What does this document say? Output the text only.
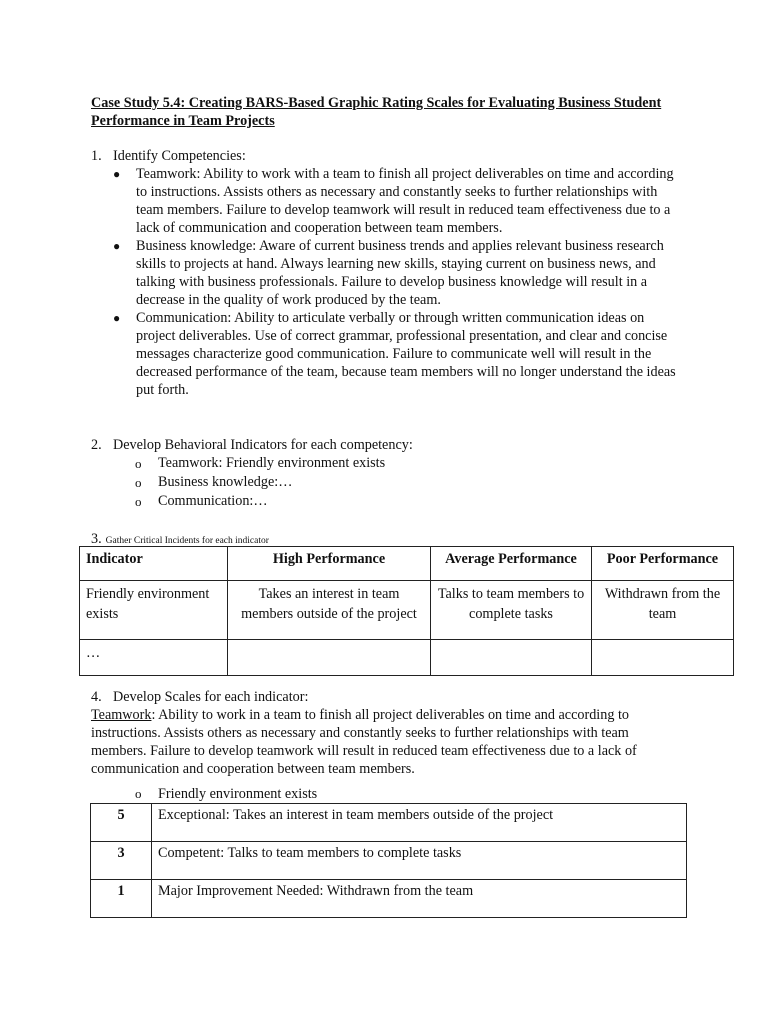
Case Study 5.4: Creating BARS-Based Graphic Rating Scales for Evaluating Business Student Performance in Team Projects
1. Identify Competencies:
● Teamwork: Ability to work with a team to finish all project deliverables on time and according to instructions. Assists others as necessary and constantly seeks to further relationships with team members. Failure to develop teamwork will result in reduced team effectiveness due to a lack of communication and cooperation between team members.
● Business knowledge: Aware of current business trends and applies relevant business research skills to projects at hand. Always learning new skills, staying current on business news, and talking with business professionals. Failure to develop business knowledge will result in a decrease in the quality of work produced by the team.
● Communication: Ability to articulate verbally or through written communication ideas on project deliverables. Use of correct grammar, professional presentation, and clear and concise messages characterize good communication. Failure to communicate well will result in the decreased performance of the team, because team members will no longer understand the ideas put forth.
2. Develop Behavioral Indicators for each competency:
o Teamwork: Friendly environment exists
o Business knowledge:…
o Communication:…
3. Gather Critical Incidents for each indicator
Indicator	High Performance	Average Performance	Poor Performance
Friendly environment exists	Takes an interest in team members outside of the project	Talks to team members to complete tasks	Withdrawn from the team
…			
4. Develop Scales for each indicator:
Teamwork: Ability to work in a team to finish all project deliverables on time and according to instructions. Assists others as necessary and constantly seeks to further relationships with team members. Failure to develop teamwork will result in reduced team effectiveness due to a lack of communication and cooperation between team members.
o Friendly environment exists
5	Exceptional: Takes an interest in team members outside of the project
3	Competent: Talks to team members to complete tasks
1	Major Improvement Needed: Withdrawn from the team
